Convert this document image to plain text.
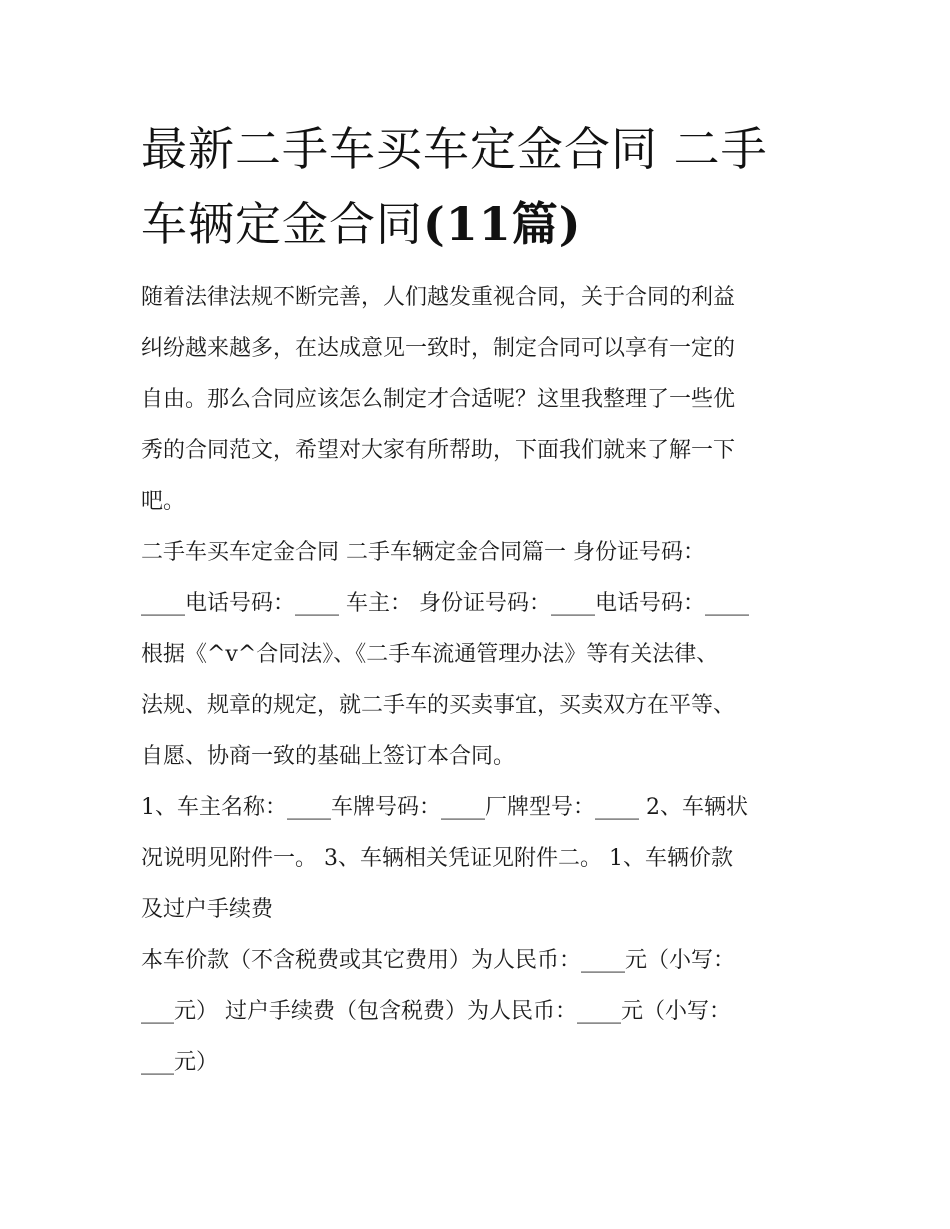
最新二手车买车定金合同 二手
车辆定金合同(11篇)

随着法律法规不断完善，人们越发重视合同，关于合同的利益
纠纷越来越多，在达成意见一致时，制定合同可以享有一定的
自由。那么合同应该怎么制定才合适呢？这里我整理了一些优
秀的合同范文，希望对大家有所帮助，下面我们就来了解一下
吧。

二手车买车定金合同 二手车辆定金合同篇一 身份证号码：
____电话号码：____ 车主： 身份证号码：____电话号码：____
根据《^v^合同法》、《二手车流通管理办法》等有关法律、
法规、规章的规定，就二手车的买卖事宜，买卖双方在平等、
自愿、协商一致的基础上签订本合同。

1、车主名称：____车牌号码：____厂牌型号：____ 2、车辆状
况说明见附件一。 3、车辆相关凭证见附件二。 1、车辆价款
及过户手续费

本车价款（不含税费或其它费用）为人民币：____元（小写：
___元） 过户手续费（包含税费）为人民币：____元（小写：
___元）
